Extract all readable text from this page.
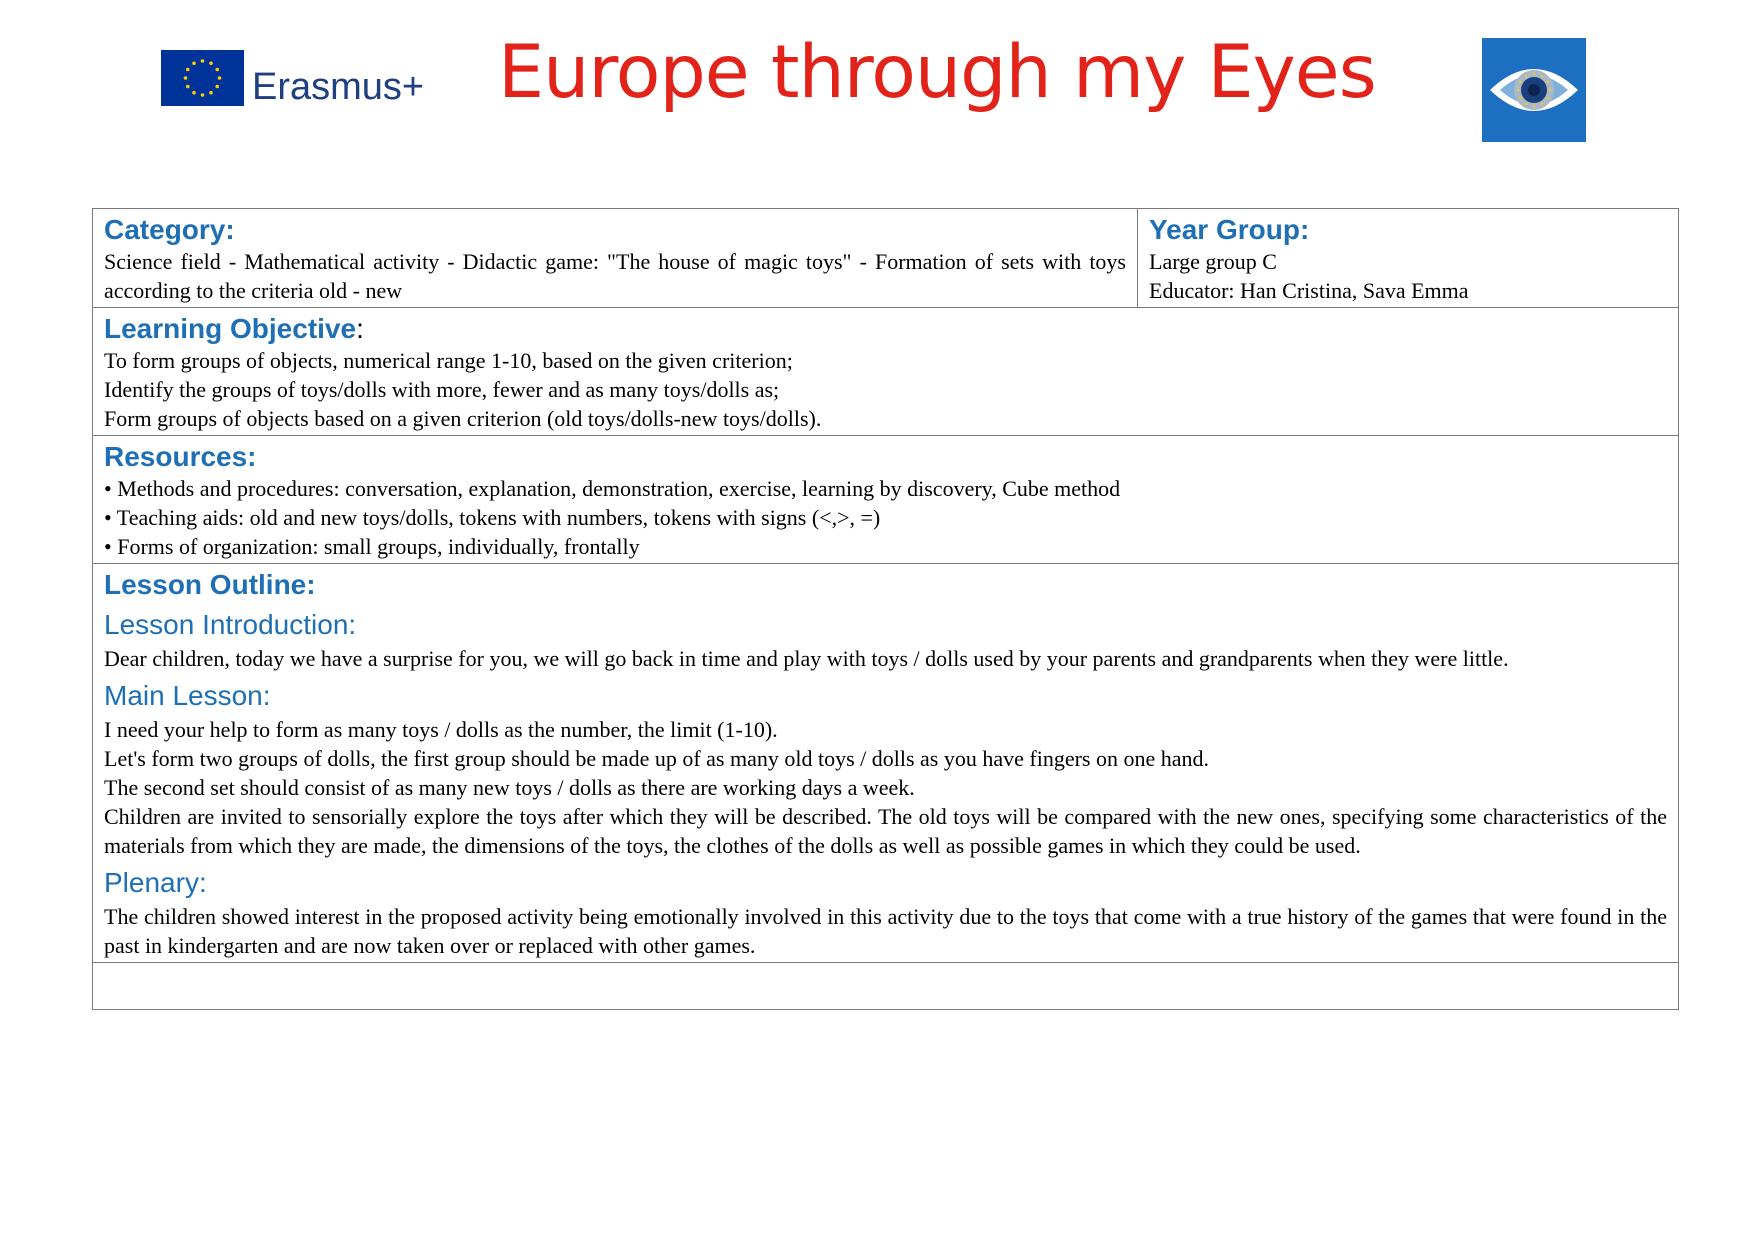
Erasmus+ Europe through my Eyes
Category:
Science field - Mathematical activity - Didactic game: "The house of magic toys" - Formation of sets with toys according to the criteria old - new

Year Group:
Large group C
Educator: Han Cristina, Sava Emma

Learning Objective:
To form groups of objects, numerical range 1-10, based on the given criterion;
Identify the groups of toys/dolls with more, fewer and as many toys/dolls as;
Form groups of objects based on a given criterion (old toys/dolls-new toys/dolls).

Resources:
• Methods and procedures: conversation, explanation, demonstration, exercise, learning by discovery, Cube method
• Teaching aids: old and new toys/dolls, tokens with numbers, tokens with signs (<,>, =)
• Forms of organization: small groups, individually, frontally

Lesson Outline:
Lesson Introduction:
Dear children, today we have a surprise for you, we will go back in time and play with toys / dolls used by your parents and grandparents when they were little.
Main Lesson:
I need your help to form as many toys / dolls as the number, the limit (1-10).
Let's form two groups of dolls, the first group should be made up of as many old toys / dolls as you have fingers on one hand.
The second set should consist of as many new toys / dolls as there are working days a week.
Children are invited to sensorially explore the toys after which they will be described. The old toys will be compared with the new ones, specifying some characteristics of the materials from which they are made, the dimensions of the toys, the clothes of the dolls as well as possible games in which they could be used.
Plenary:
The children showed interest in the proposed activity being emotionally involved in this activity due to the toys that come with a true history of the games that were found in the past in kindergarten and are now taken over or replaced with other games.
